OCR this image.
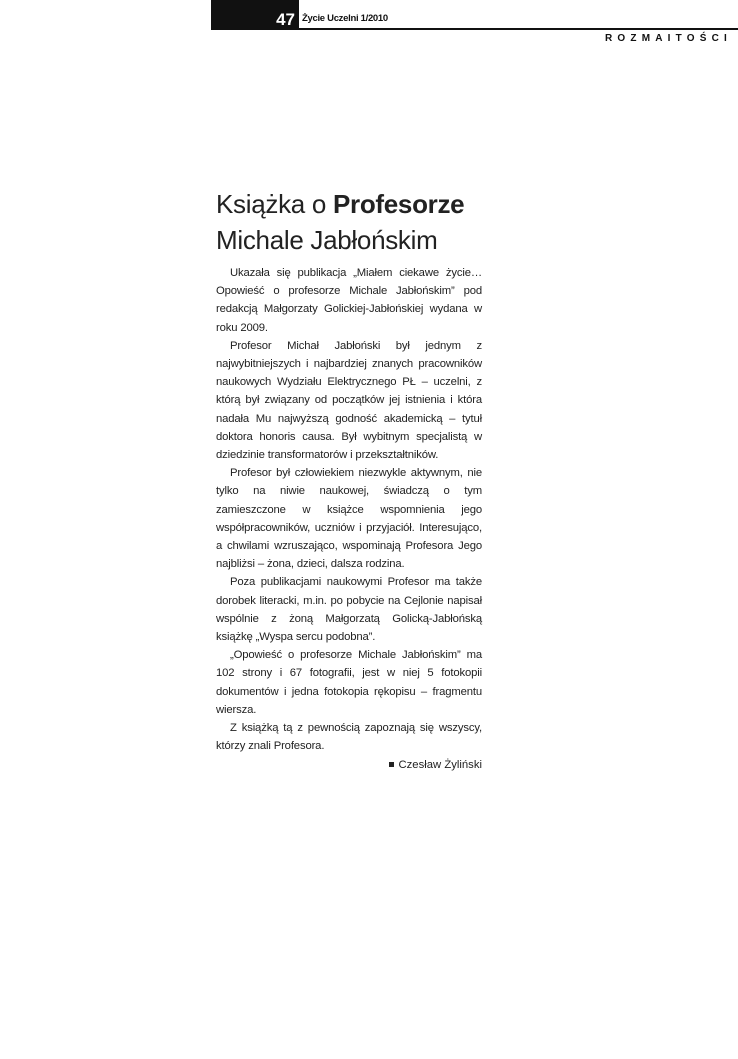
47 Życie Uczelni 1/2010
ROZMAITOŚCI
Książka o Profesorze
Michale Jabłońskim

Ukazała się publikacja „Miałem ciekawe życie… Opowieść o profesorze Michale Jabłońskim” pod redakcją Małgorzaty Golickiej-Jabłońskiej wydana w roku 2009.

Profesor Michał Jabłoński był jednym z najwybitniejszych i najbardziej znanych pracowników naukowych Wydziału Elektrycznego PŁ – uczelni, z którą był związany od początków jej istnienia i która nadała Mu najwyższą godność akademicką – tytuł doktora honoris causa. Był wybitnym specjalistą w dziedzinie transformatorów i przekształtników.

Profesor był człowiekiem niezwykle aktywnym, nie tylko na niwie naukowej, świadczą o tym zamieszczone w książce wspomnienia jego współpracowników, uczniów i przyjaciół. Interesująco, a chwilami wzruszająco, wspominają Profesora Jego najbliżsi – żona, dzieci, dalsza rodzina.

Poza publikacjami naukowymi Profesor ma także dorobek literacki, m.in. po pobycie na Cejlonie napisał wspólnie z żoną Małgorzatą Golicką-Jabłońską książkę „Wyspa sercu podobna”.

„Opowieść o profesorze Michale Jabłońskim” ma 102 strony i 67 fotografii, jest w niej 5 fotokopii dokumentów i jedna fotokopia rękopisu – fragmentu wiersza.

Z książką tą z pewnością zapoznają się wszyscy, którzy znali Profesora.

Czesław Żyliński
